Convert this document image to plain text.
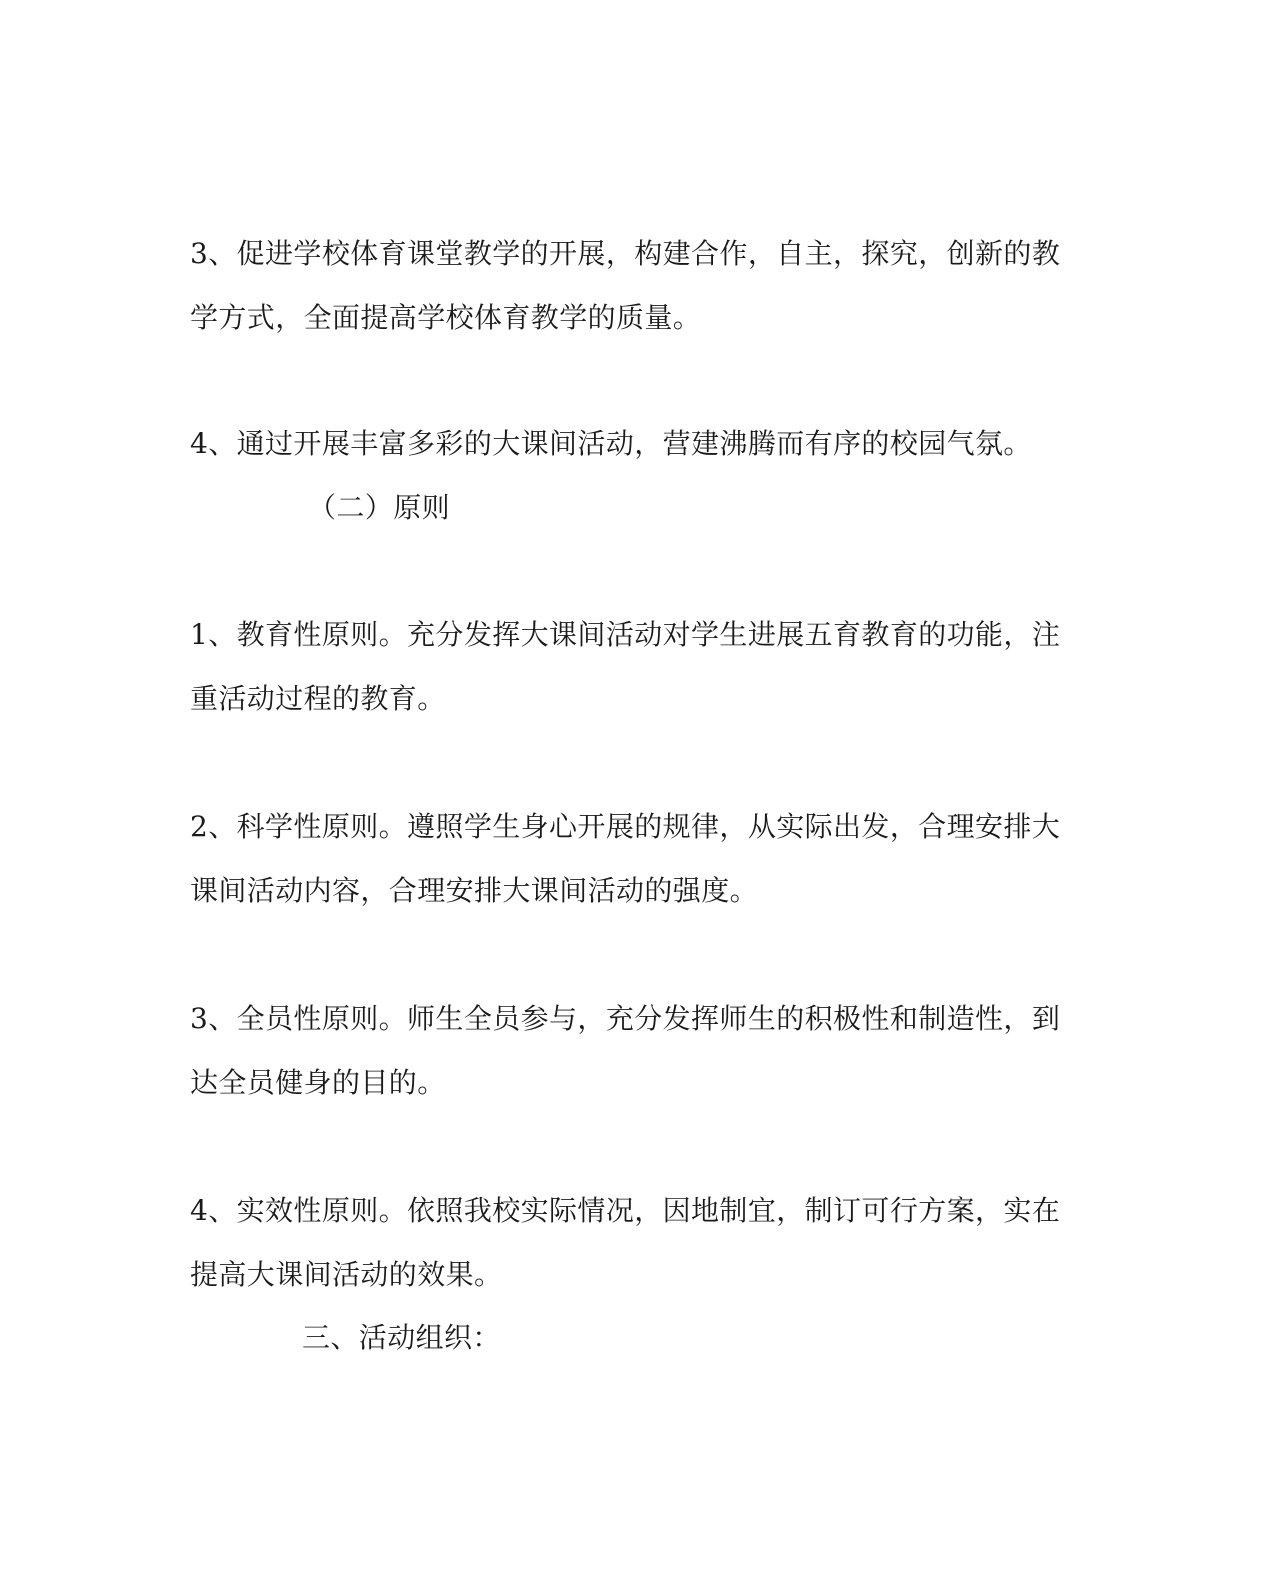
3、促进学校体育课堂教学的开展，构建合作，自主，探究，创新的教
学方式，全面提高学校体育教学的质量。
4、通过开展丰富多彩的大课间活动，营建沸腾而有序的校园气氛。
（二）原则
1、教育性原则。充分发挥大课间活动对学生进展五育教育的功能，注
重活动过程的教育。
2、科学性原则。遵照学生身心开展的规律，从实际出发，合理安排大
课间活动内容，合理安排大课间活动的强度。
3、全员性原则。师生全员参与，充分发挥师生的积极性和制造性，到
达全员健身的目的。
4、实效性原则。依照我校实际情况，因地制宜，制订可行方案，实在
提高大课间活动的效果。
三、活动组织：
